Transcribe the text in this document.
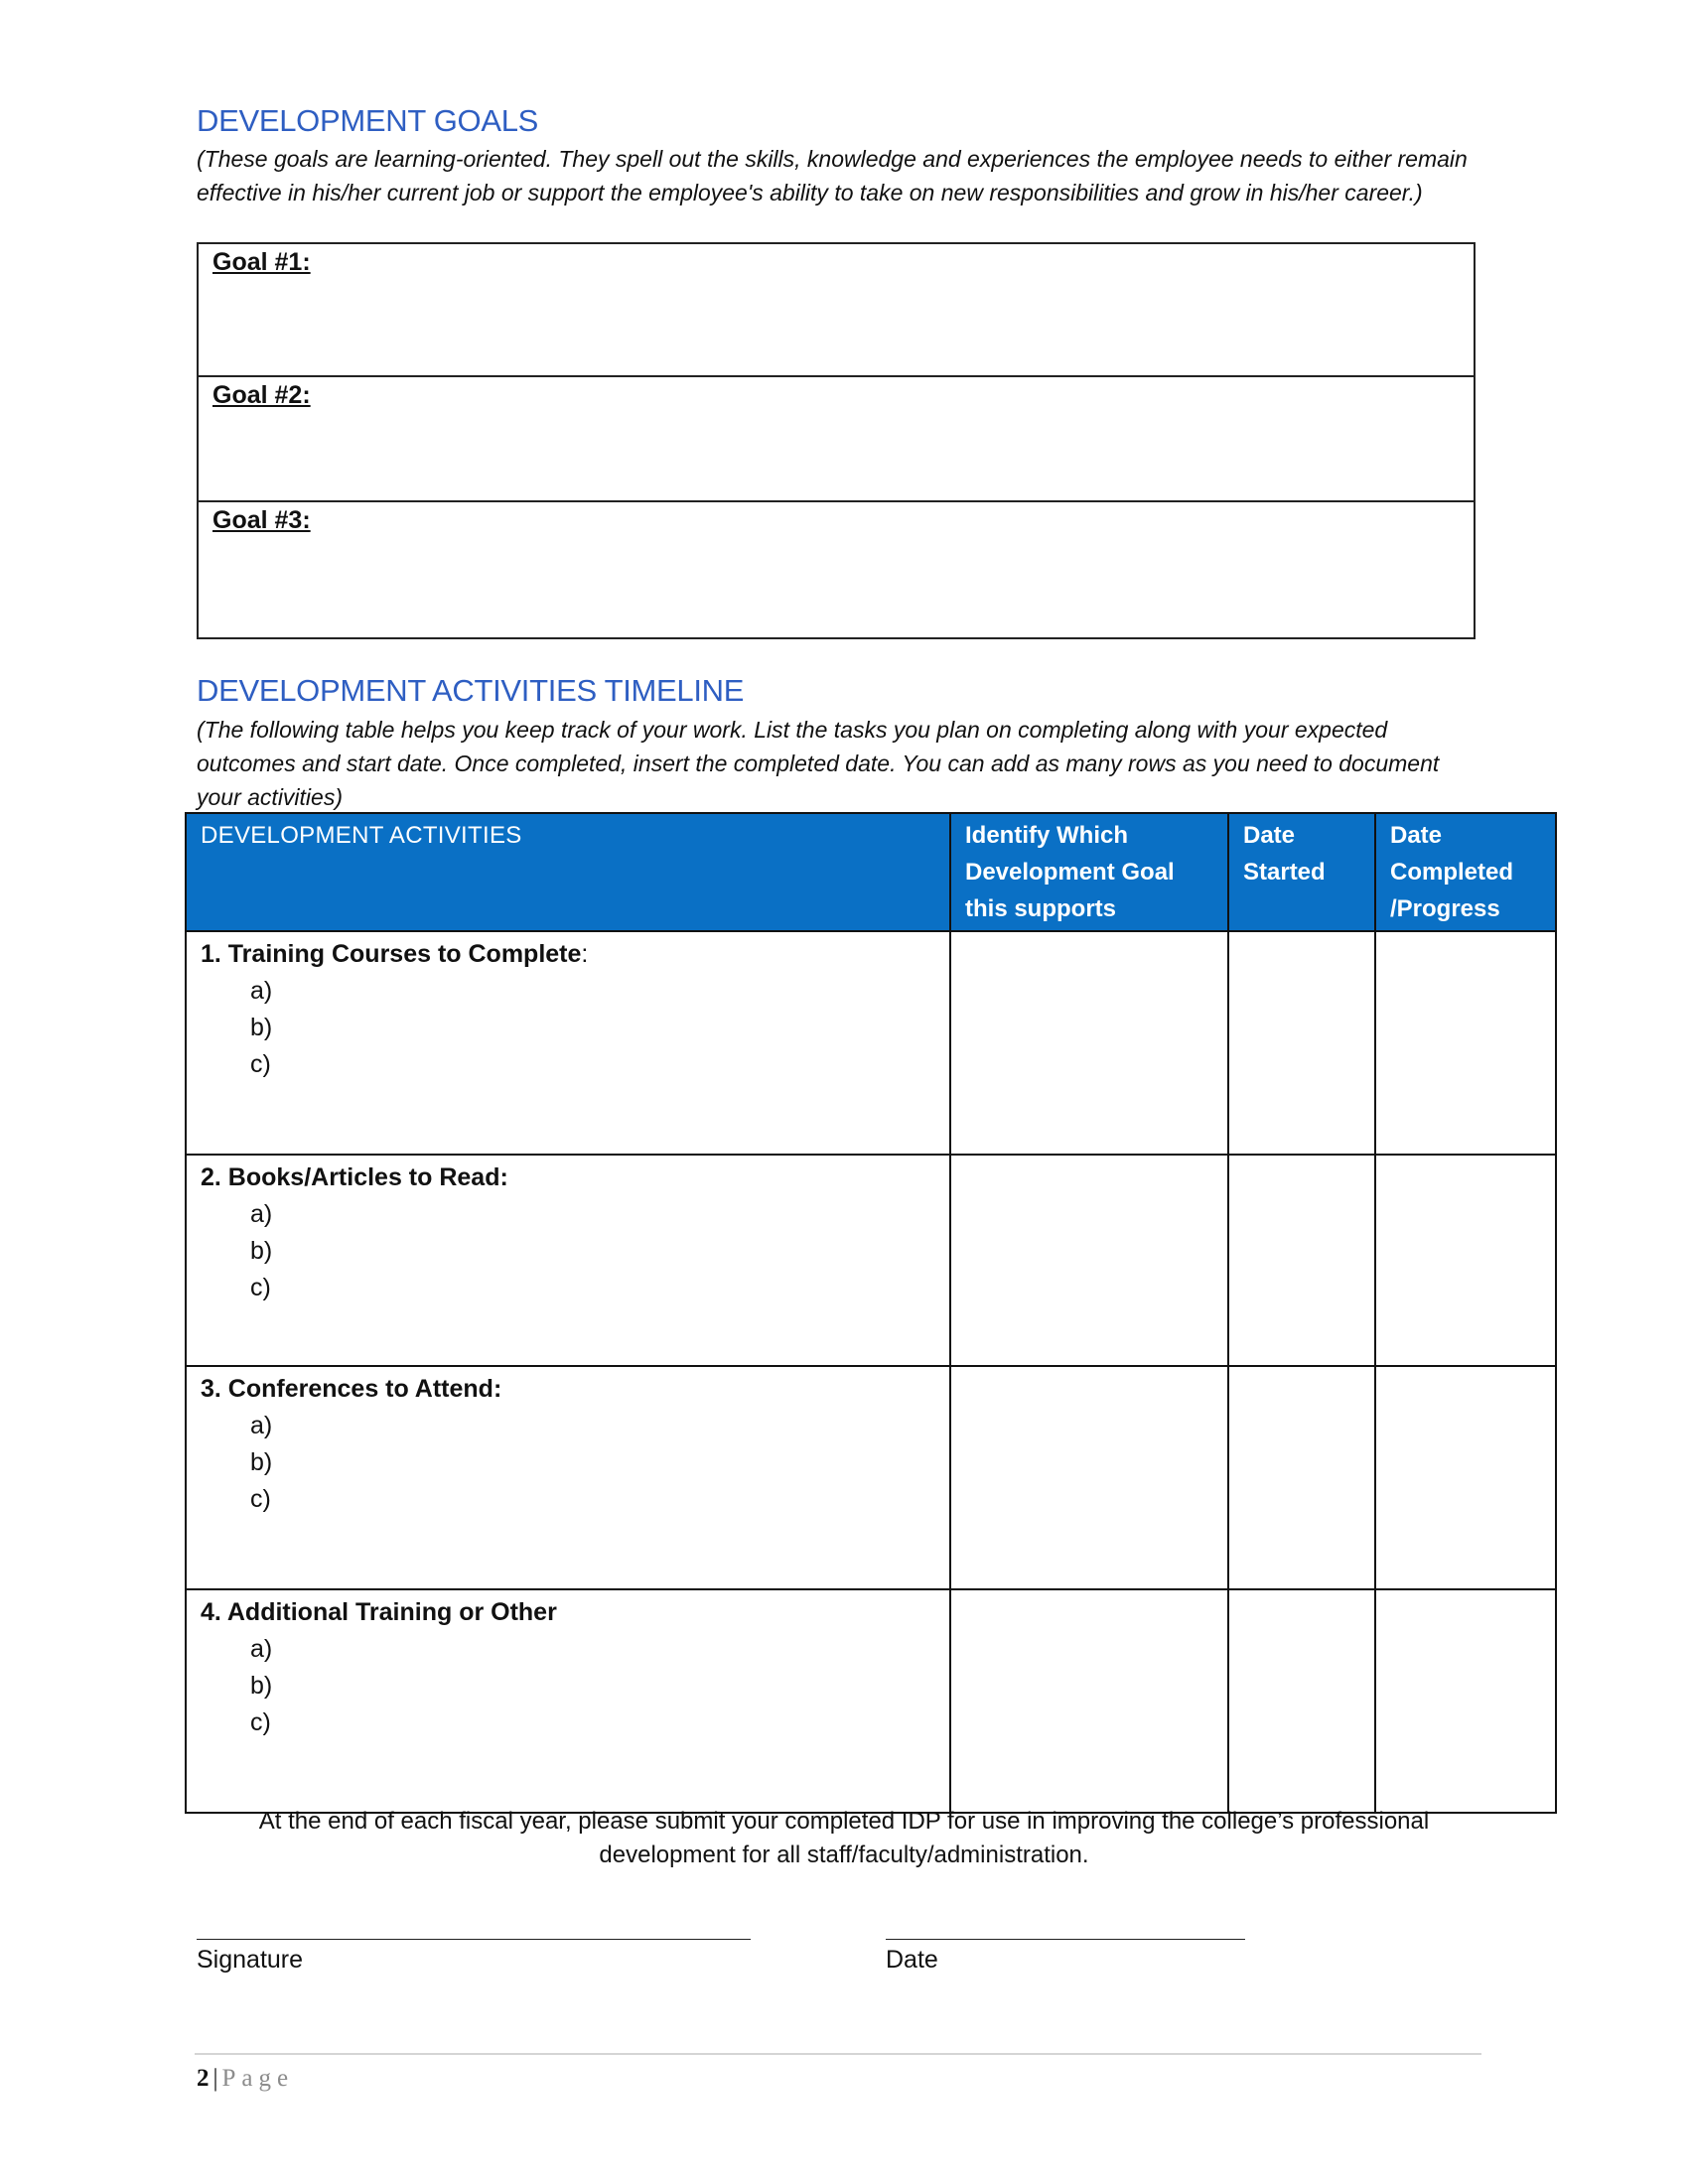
DEVELOPMENT GOALS

(These goals are learning-oriented. They spell out the skills, knowledge and experiences the employee needs to either remain effective in his/her current job or support the employee's ability to take on new responsibilities and grow in his/her career.)

Goal #1:
Goal #2:
Goal #3:
DEVELOPMENT ACTIVITIES TIMELINE

(The following table helps you keep track of your work. List the tasks you plan on completing along with your expected outcomes and start date. Once completed, insert the completed date. You can add as many rows as you need to document your activities)

DEVELOPMENT ACTIVITIES	Identify Which Development Goal this supports	Date Started	Date Completed /Progress

1. Training Courses to Complete:
a)
b)
c)			

2. Books/Articles to Read:
a)
b)
c)			

3. Conferences to Attend:
a)
b)
c)			

4. Additional Training or Other
a)
b)
c)			

At the end of each fiscal year, please submit your completed IDP for use in improving the college’s professional development for all staff/faculty/administration.

Signature	Date
2 | Page
